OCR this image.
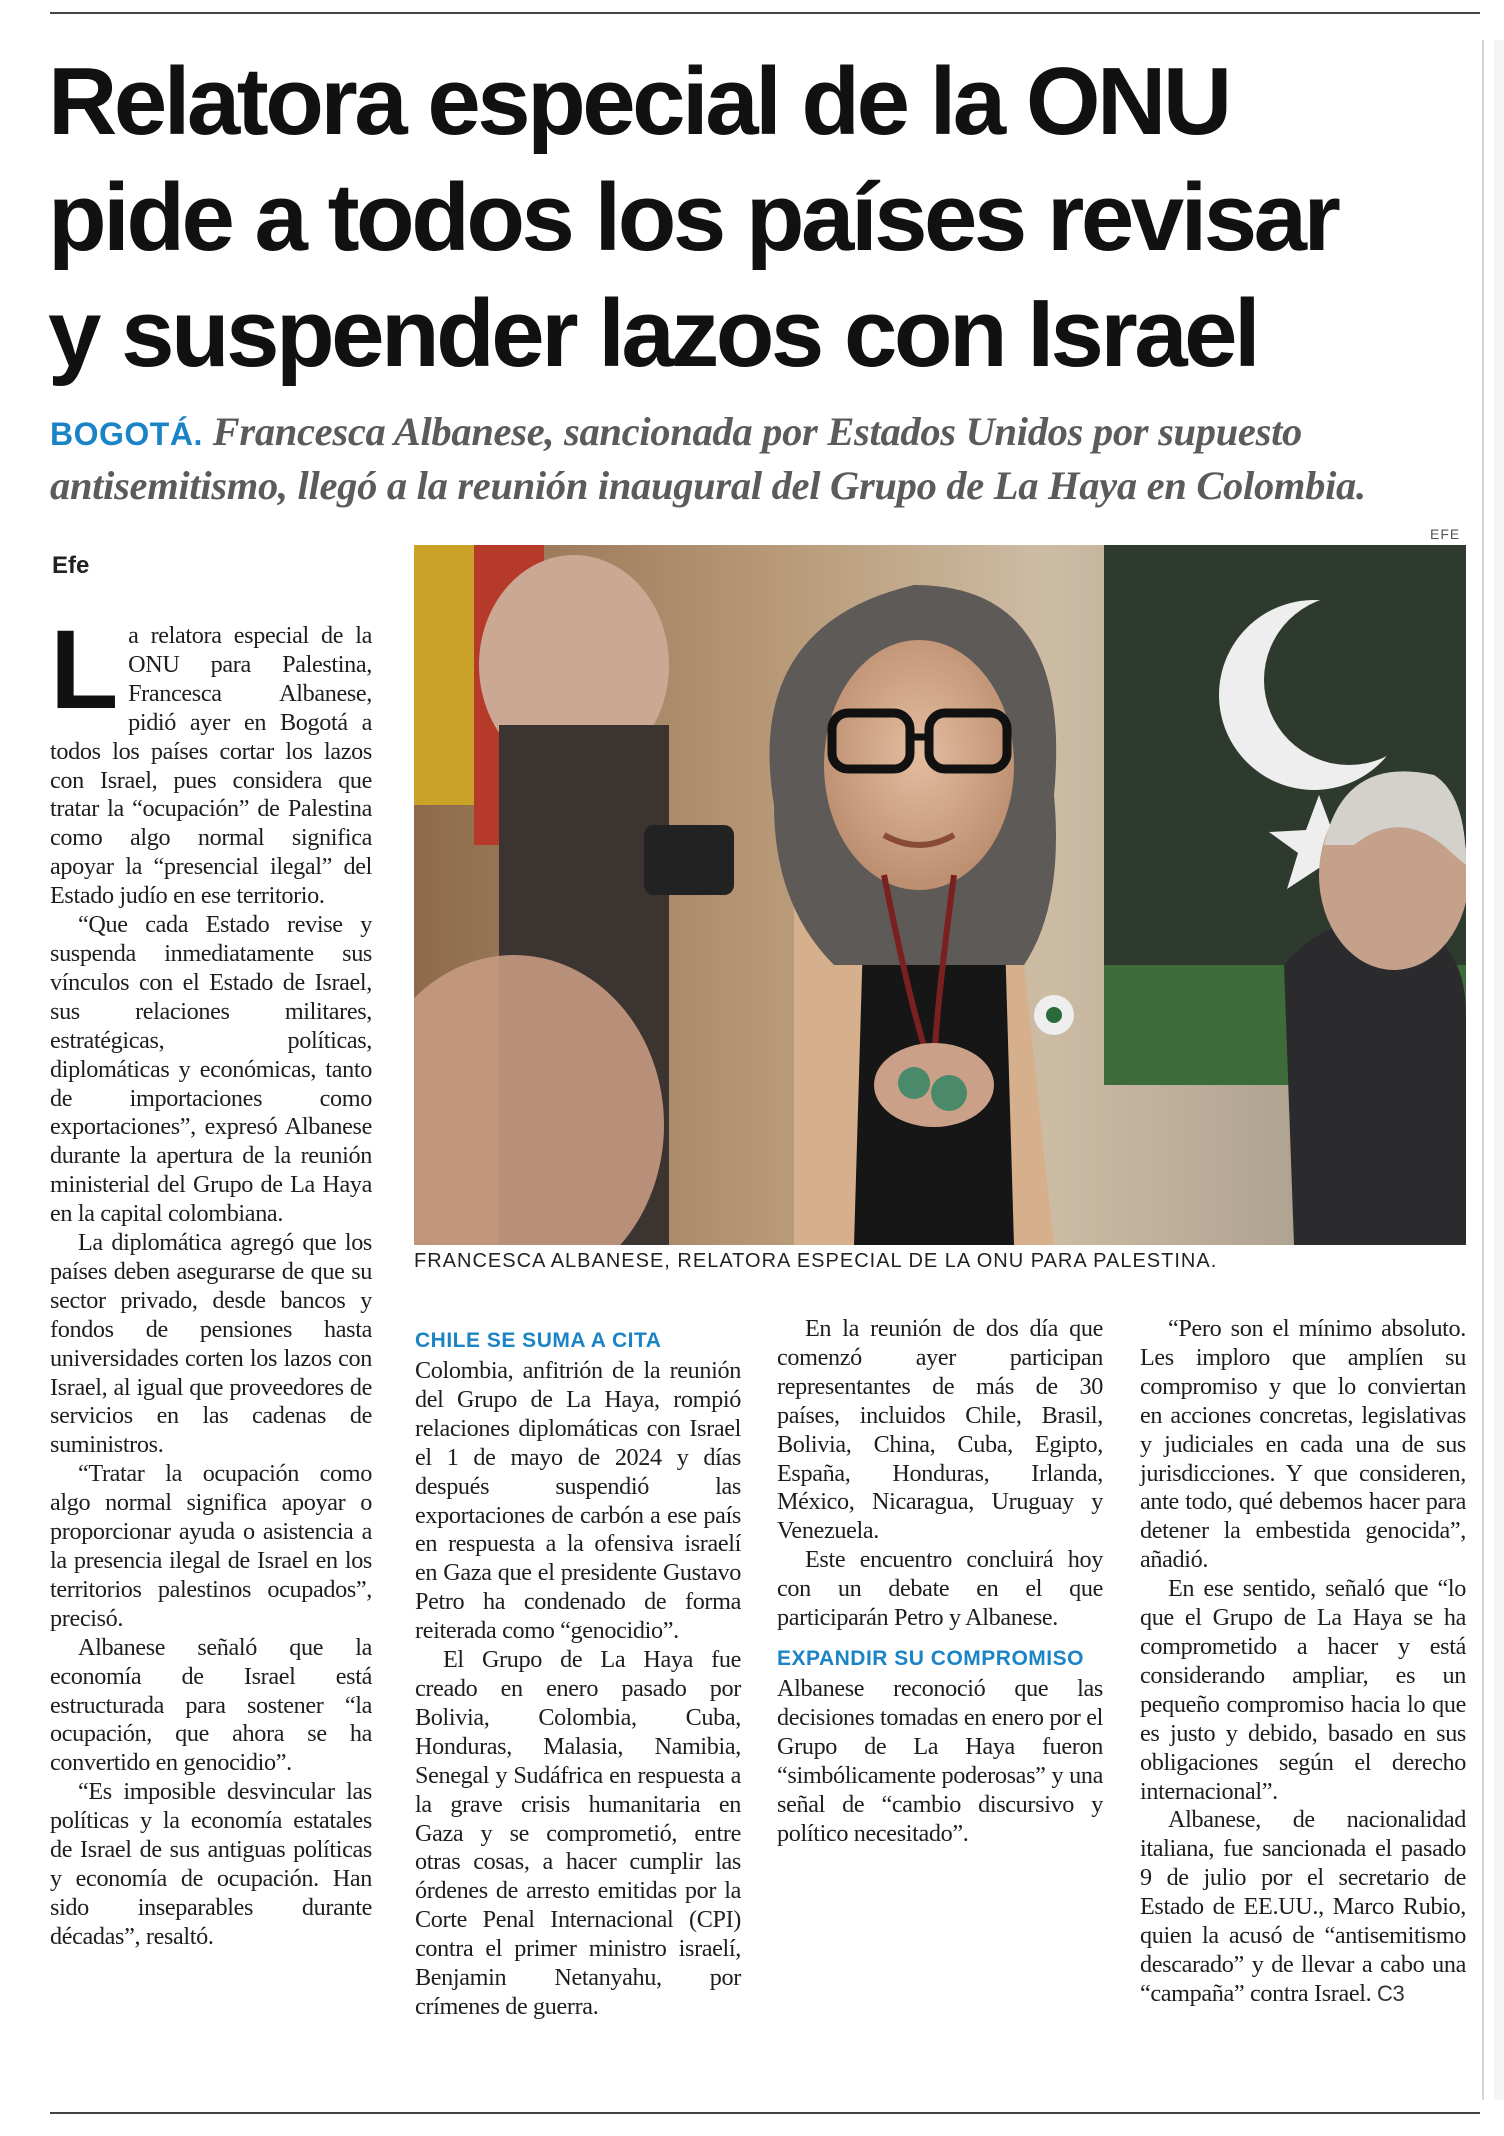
Relatora especial de la ONU
pide a todos los países revisar
y suspender lazos con Israel
BOGOTÁ. Francesca Albanese, sancionada por Estados Unidos por supuesto
antisemitismo, llegó a la reunión inaugural del Grupo de La Haya en Colombia.
Efe
EFE
FRANCESCA ALBANESE, RELATORA ESPECIAL DE LA ONU PARA PALESTINA.

La relatora especial de la ONU para Palestina, Francesca Albanese, pidió ayer en Bogotá a todos los países cortar los lazos con Israel, pues considera que tratar la “ocupación” de Palestina como algo normal significa apoyar la “presencial ilegal” del Estado judío en ese territorio.

“Que cada Estado revise y suspenda inmediatamente sus vínculos con el Estado de Israel, sus relaciones militares, estratégicas, políticas, diplomáticas y económicas, tanto de importaciones como exportaciones”, expresó Albanese durante la apertura de la reunión ministerial del Grupo de La Haya en la capital colombiana.

La diplomática agregó que los países deben asegurarse de que su sector privado, desde bancos y fondos de pensiones hasta universidades corten los lazos con Israel, al igual que proveedores de servicios en las cadenas de suministros.

“Tratar la ocupación como algo normal significa apoyar o proporcionar ayuda o asistencia a la presencia ilegal de Israel en los territorios palestinos ocupados”, precisó.

Albanese señaló que la economía de Israel está estructurada para sostener “la ocupación, que ahora se ha convertido en genocidio”.

“Es imposible desvincular las políticas y la economía estatales de Israel de sus antiguas políticas y economía de ocupación. Han sido inseparables durante décadas”, resaltó.

CHILE SE SUMA A CITA

Colombia, anfitrión de la reunión del Grupo de La Haya, rompió relaciones diplomáticas con Israel el 1 de mayo de 2024 y días después suspendió las exportaciones de carbón a ese país en respuesta a la ofensiva israelí en Gaza que el presidente Gustavo Petro ha condenado de forma reiterada como “genocidio”.

El Grupo de La Haya fue creado en enero pasado por Bolivia, Colombia, Cuba, Honduras, Malasia, Namibia, Senegal y Sudáfrica en respuesta a la grave crisis humanitaria en Gaza y se comprometió, entre otras cosas, a hacer cumplir las órdenes de arresto emitidas por la Corte Penal Internacional (CPI) contra el primer ministro israelí, Benjamin Netanyahu, por crímenes de guerra.

En la reunión de dos día que comenzó ayer participan representantes de más de 30 países, incluidos Chile, Brasil, Bolivia, China, Cuba, Egipto, España, Honduras, Irlanda, México, Nicaragua, Uruguay y Venezuela.

Este encuentro concluirá hoy con un debate en el que participarán Petro y Albanese.

EXPANDIR SU COMPROMISO

Albanese reconoció que las decisiones tomadas en enero por el Grupo de La Haya fueron “simbólicamente poderosas” y una señal de “cambio discursivo y político necesitado”.

“Pero son el mínimo absoluto. Les imploro que amplíen su compromiso y que lo conviertan en acciones concretas, legislativas y judiciales en cada una de sus jurisdicciones. Y que consideren, ante todo, qué debemos hacer para detener la embestida genocida”, añadió.

En ese sentido, señaló que “lo que el Grupo de La Haya se ha comprometido a hacer y está considerando ampliar, es un pequeño compromiso hacia lo que es justo y debido, basado en sus obligaciones según el derecho internacional”.

Albanese, de nacionalidad italiana, fue sancionada el pasado 9 de julio por el secretario de Estado de EE.UU., Marco Rubio, quien la acusó de “antisemitismo descarado” y de llevar a cabo una “campaña” contra Israel. C3
